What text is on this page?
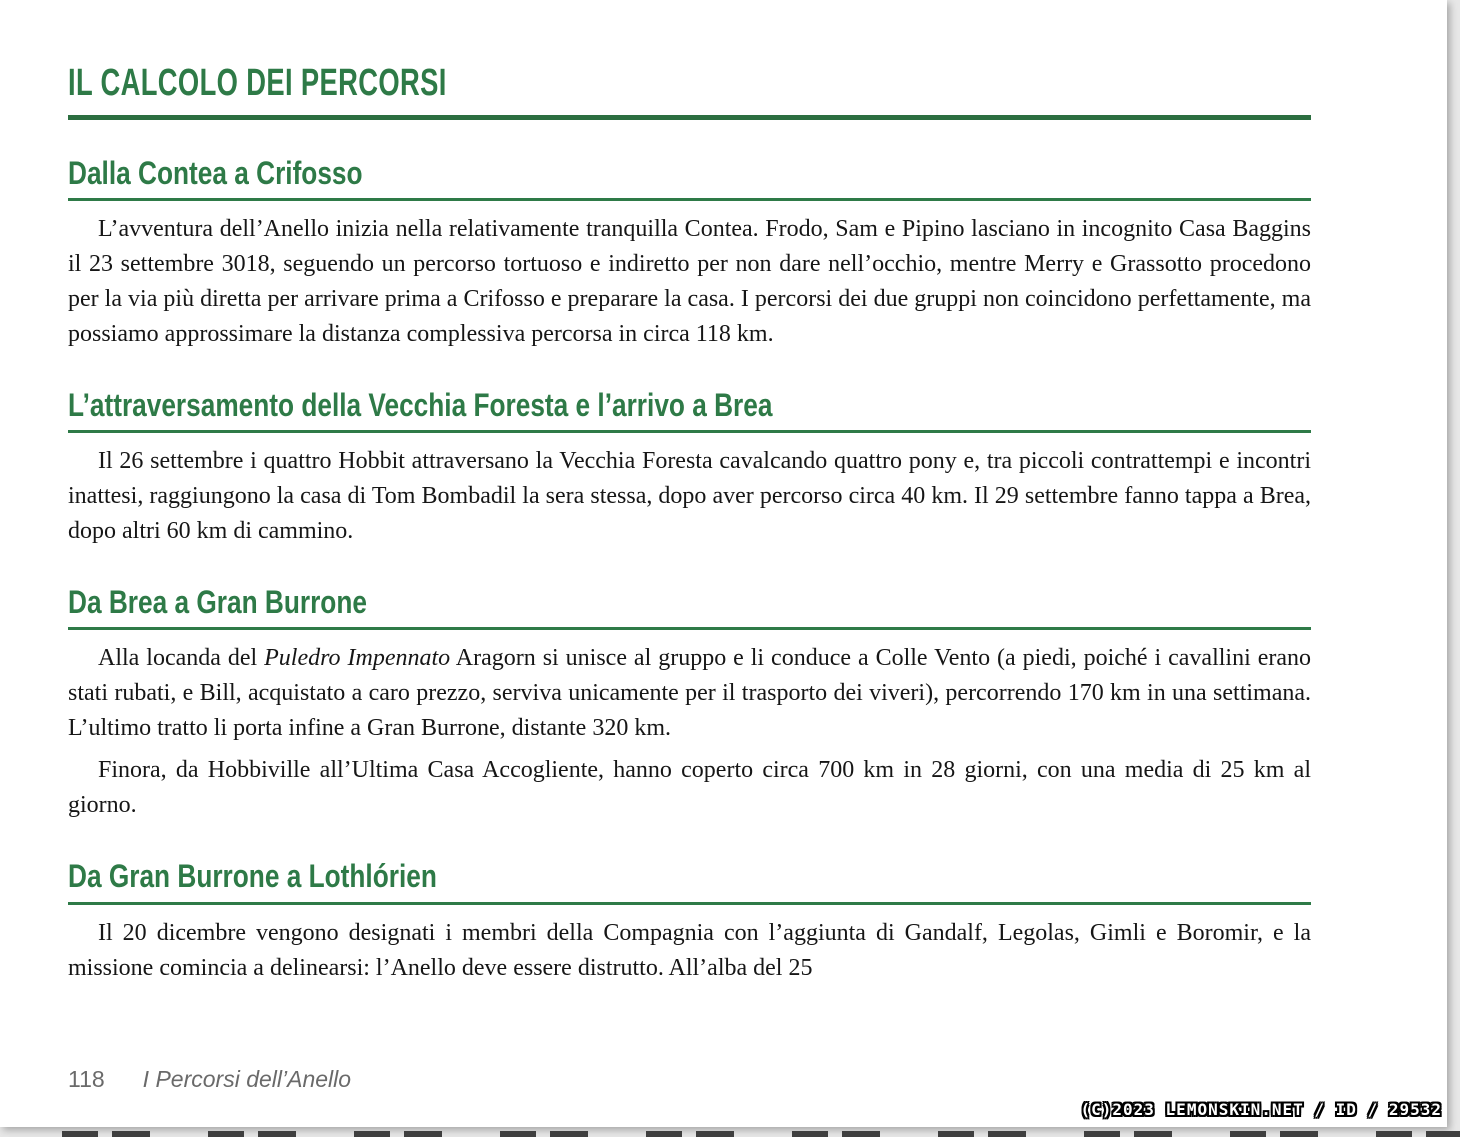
IL CALCOLO DEI PERCORSI
Dalla Contea a Crifosso

L’avventura dell’Anello inizia nella relativamente tranquilla Contea. Frodo, Sam e Pipino lasciano in incognito Casa Baggins il 23 settembre 3018, seguendo un percorso tortuoso e indiretto per non dare nell’occhio, mentre Merry e Grassotto procedono per la via più diretta per arrivare prima a Crifosso e preparare la casa. I percorsi dei due gruppi non coincidono perfettamente, ma possiamo approssimare la distanza complessiva percorsa in circa 118 km.

L’attraversamento della Vecchia Foresta e l’arrivo a Brea

Il 26 settembre i quattro Hobbit attraversano la Vecchia Foresta cavalcando quattro pony e, tra piccoli contrattempi e incontri inattesi, raggiungono la casa di Tom Bombadil la sera stessa, dopo aver percorso circa 40 km. Il 29 settembre fanno tappa a Brea, dopo altri 60 km di cammino.

Da Brea a Gran Burrone

Alla locanda del Puledro Impennato Aragorn si unisce al gruppo e li conduce a Colle Vento (a piedi, poiché i cavallini erano stati rubati, e Bill, acquistato a caro prezzo, serviva unicamente per il trasporto dei viveri), percorrendo 170 km in una settimana. L’ultimo tratto li porta infine a Gran Burrone, distante 320 km.

Finora, da Hobbiville all’Ultima Casa Accogliente, hanno coperto circa 700 km in 28 giorni, con una media di 25 km al giorno.

Da Gran Burrone a Lothlórien

Il 20 dicembre vengono designati i membri della Compagnia con l’aggiunta di Gandalf, Legolas, Gimli e Boromir, e la missione comincia a delinearsi: l’Anello deve essere distrutto. All’alba del 25

118 I Percorsi dell’Anello
(C)2023 LEMONSKIN.NET / ID / 29532
